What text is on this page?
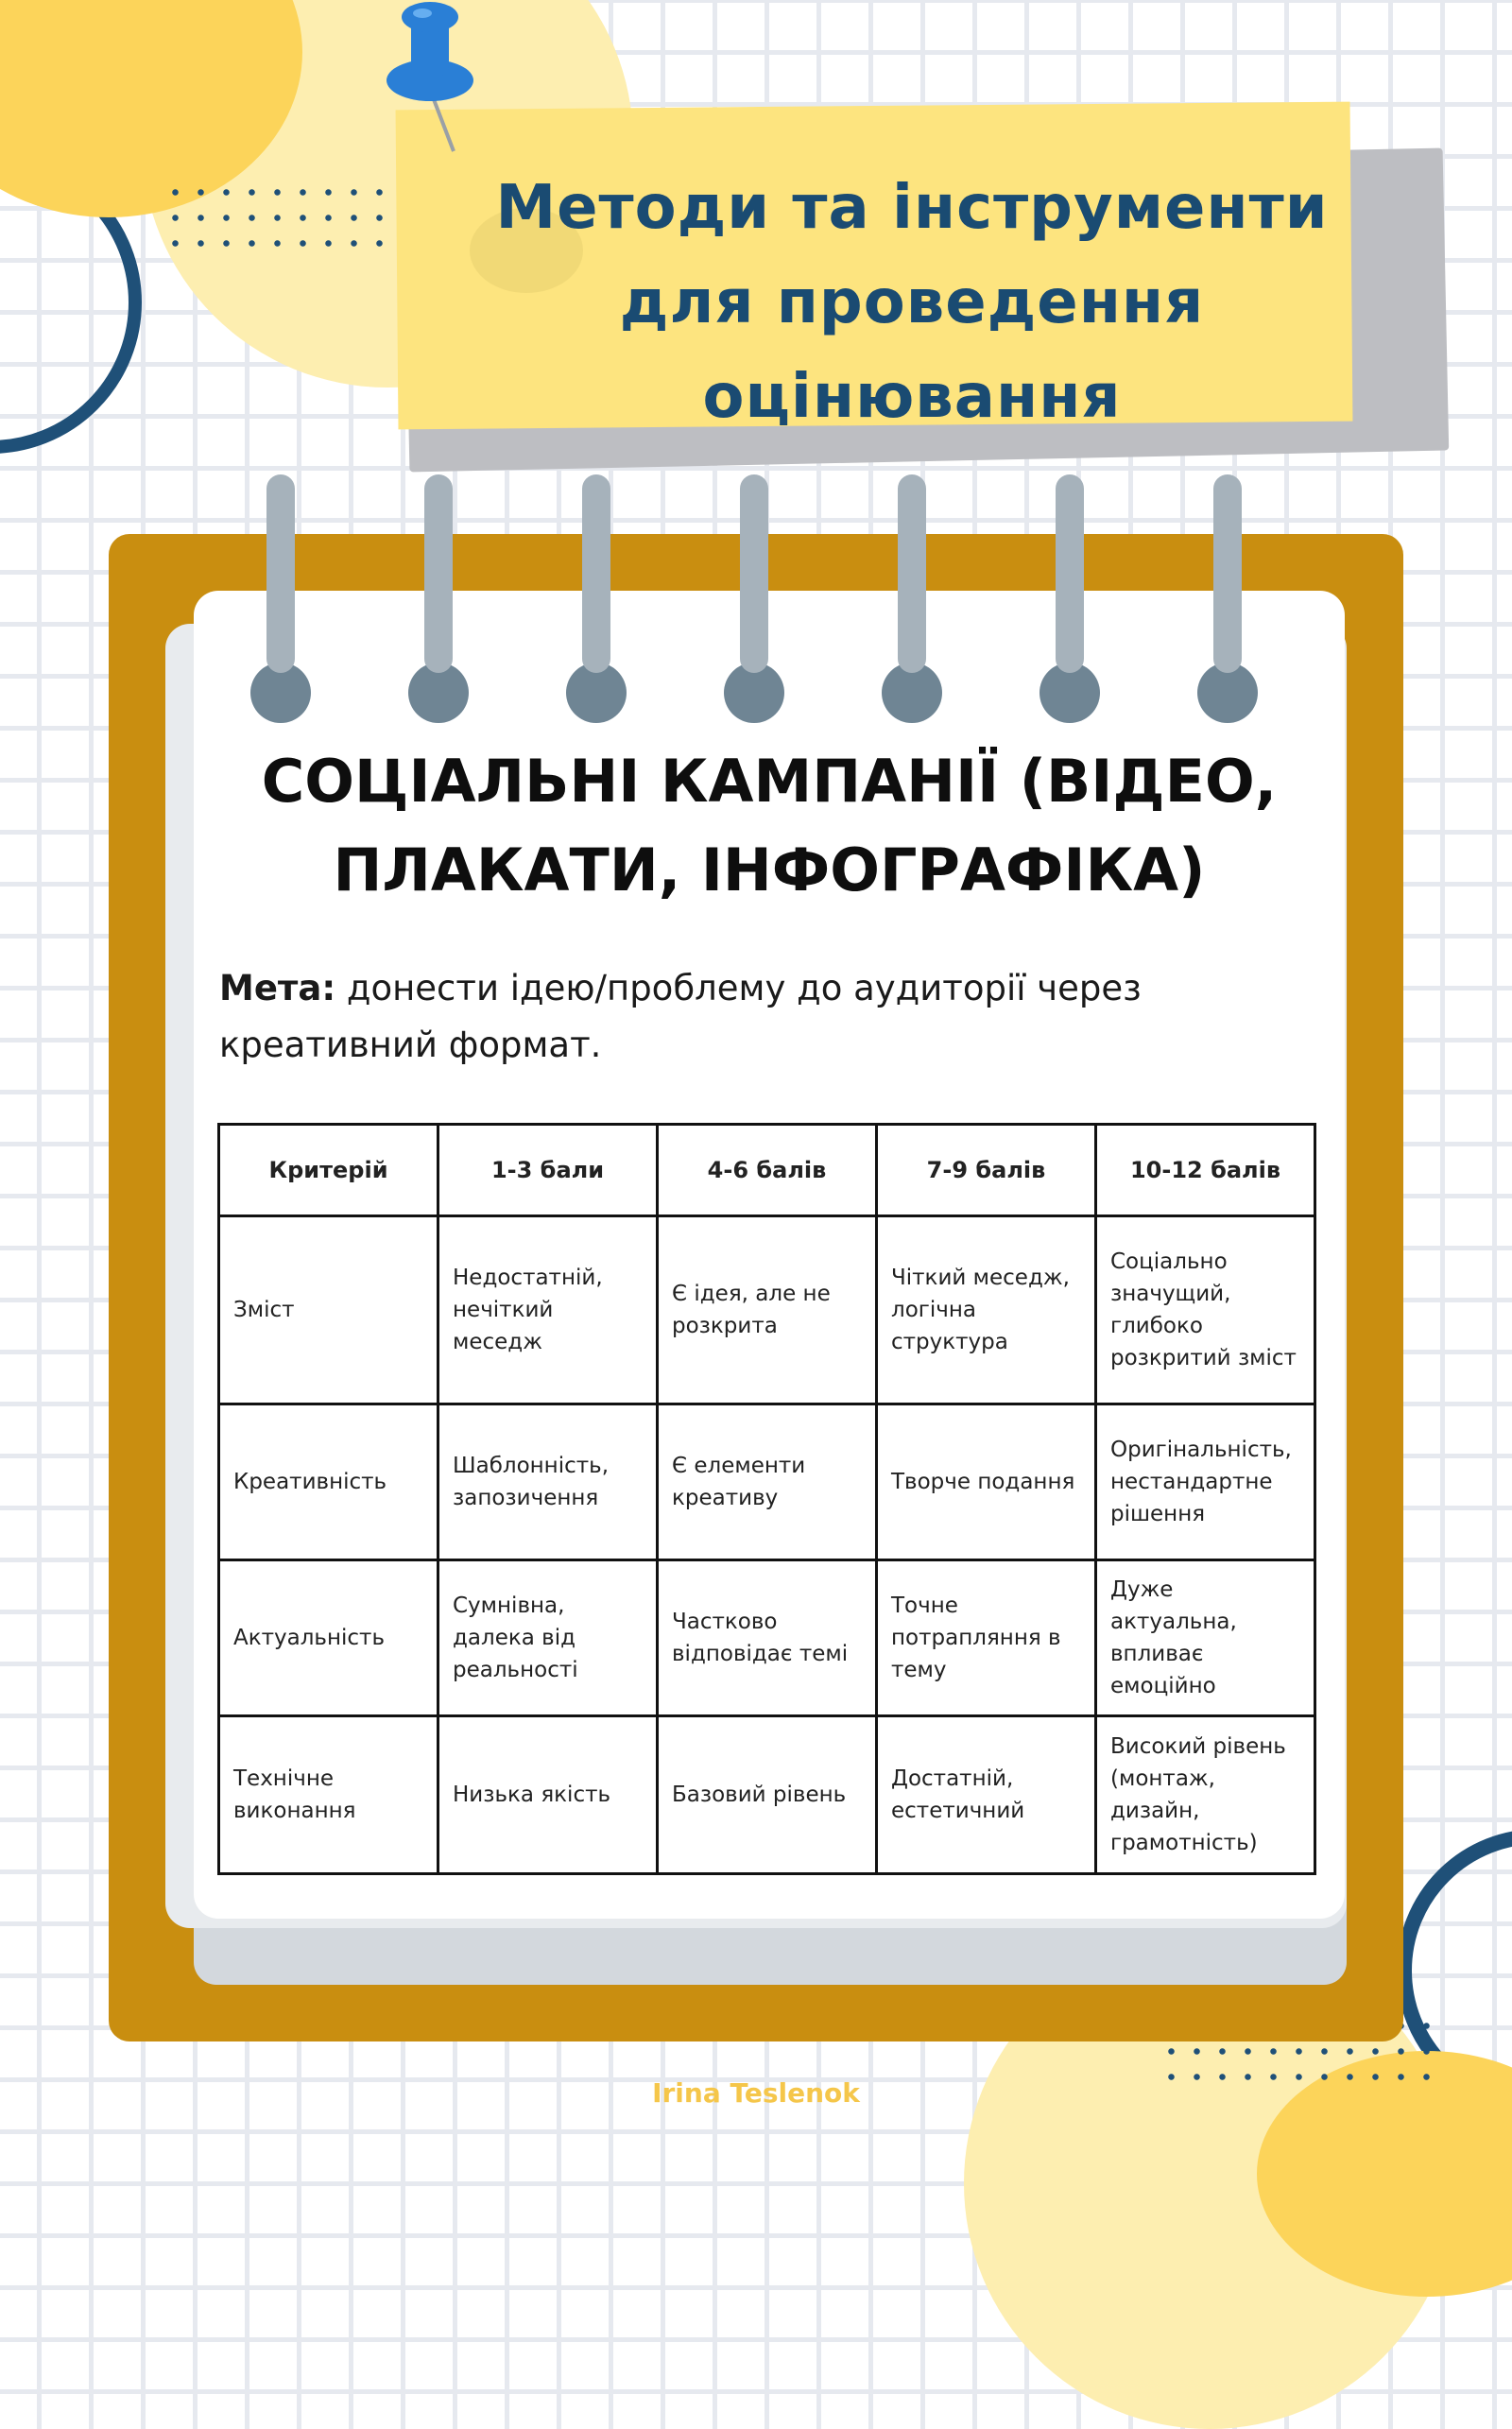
Методи та інструменти
для проведення
оцінювання
СОЦІАЛЬНІ КАМПАНІЇ (ВІДЕО,
ПЛАКАТИ, ІНФОГРАФІКА)
Мета: донести ідею/проблему до аудиторії через креативний формат.
Критерій	1-3 бали	4-6 балів	7-9 балів	10-12 балів
Зміст	Недостатній, нечіткий меседж	Є ідея, але не розкрита	Чіткий меседж, логічна структура	Соціально значущий, глибоко розкритий зміст
Креативність	Шаблонність, запозичення	Є елементи креативу	Творче подання	Оригінальність, нестандартне рішення
Актуальність	Сумнівна, далека від реальності	Частково відповідає темі	Точне потрапляння в тему	Дуже актуальна, впливає емоційно
Технічне виконання	Низька якість	Базовий рівень	Достатній, естетичний	Високий рівень (монтаж, дизайн, грамотність)
Irina Teslenok
